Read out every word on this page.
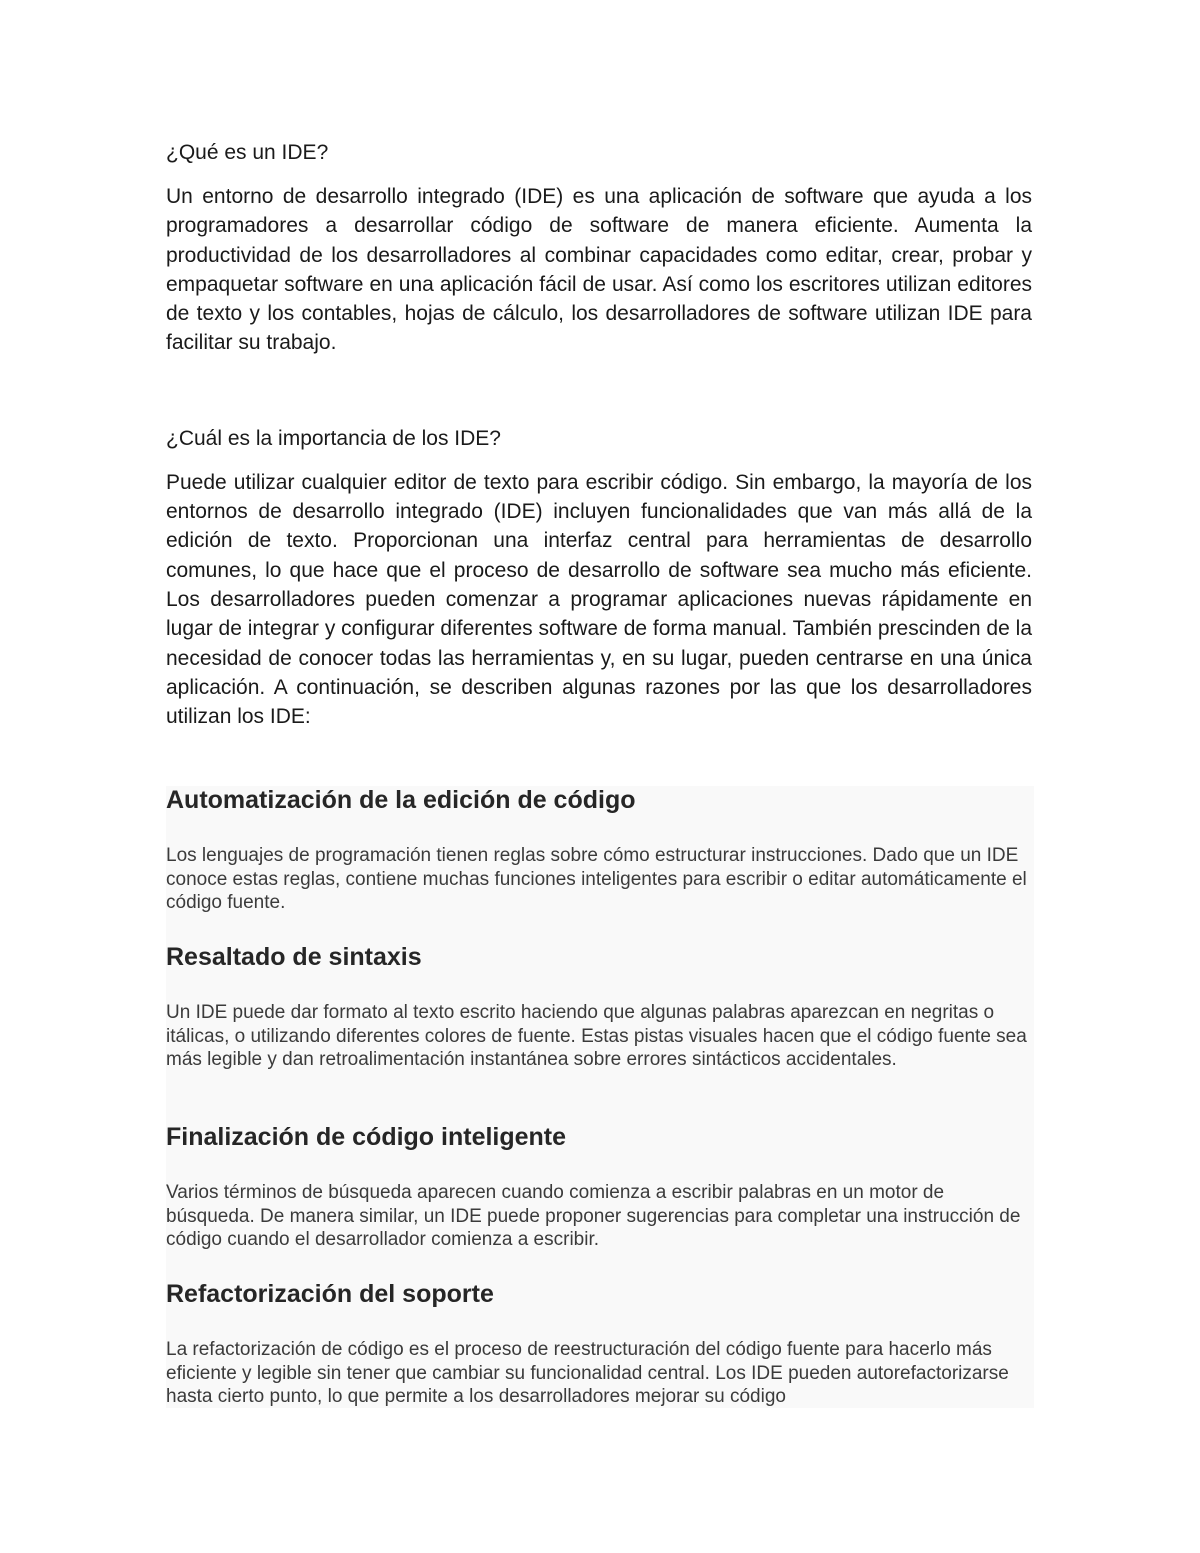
¿Qué es un IDE?

Un entorno de desarrollo integrado (IDE) es una aplicación de software que ayuda a los programadores a desarrollar código de software de manera eficiente. Aumenta la productividad de los desarrolladores al combinar capacidades como editar, crear, probar y empaquetar software en una aplicación fácil de usar. Así como los escritores utilizan editores de texto y los contables, hojas de cálculo, los desarrolladores de software utilizan IDE para facilitar su trabajo.

¿Cuál es la importancia de los IDE?

Puede utilizar cualquier editor de texto para escribir código. Sin embargo, la mayoría de los entornos de desarrollo integrado (IDE) incluyen funcionalidades que van más allá de la edición de texto. Proporcionan una interfaz central para herramientas de desarrollo comunes, lo que hace que el proceso de desarrollo de software sea mucho más eficiente. Los desarrolladores pueden comenzar a programar aplicaciones nuevas rápidamente en lugar de integrar y configurar diferentes software de forma manual. También prescinden de la necesidad de conocer todas las herramientas y, en su lugar, pueden centrarse en una única aplicación. A continuación, se describen algunas razones por las que los desarrolladores utilizan los IDE:

Automatización de la edición de código

Los lenguajes de programación tienen reglas sobre cómo estructurar instrucciones. Dado que un IDE conoce estas reglas, contiene muchas funciones inteligentes para escribir o editar automáticamente el código fuente.

Resaltado de sintaxis

Un IDE puede dar formato al texto escrito haciendo que algunas palabras aparezcan en negritas o itálicas, o utilizando diferentes colores de fuente. Estas pistas visuales hacen que el código fuente sea más legible y dan retroalimentación instantánea sobre errores sintácticos accidentales.

Finalización de código inteligente

Varios términos de búsqueda aparecen cuando comienza a escribir palabras en un motor de búsqueda. De manera similar, un IDE puede proponer sugerencias para completar una instrucción de código cuando el desarrollador comienza a escribir.

Refactorización del soporte

La refactorización de código es el proceso de reestructuración del código fuente para hacerlo más eficiente y legible sin tener que cambiar su funcionalidad central. Los IDE pueden autorefactorizarse hasta cierto punto, lo que permite a los desarrolladores mejorar su código
